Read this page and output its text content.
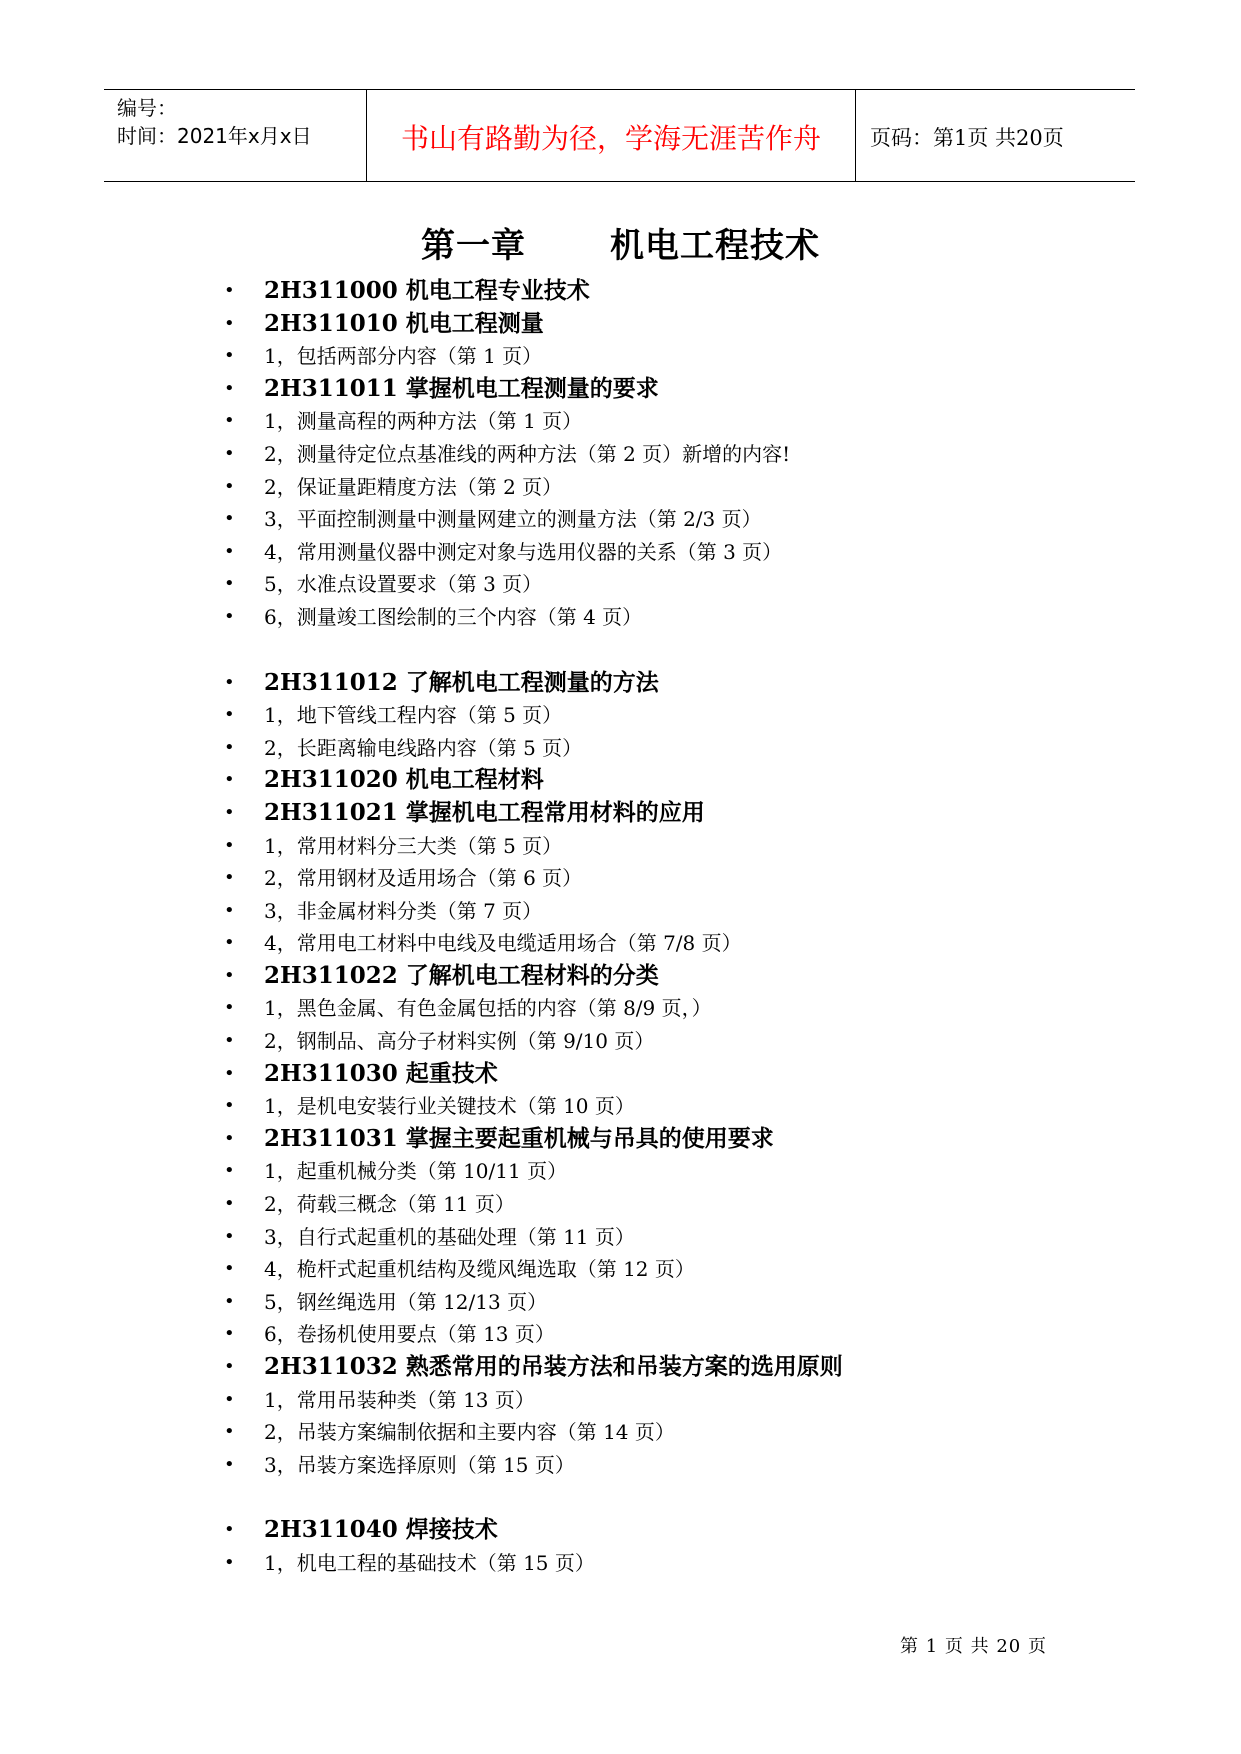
编号：
时间：2021年x月x日	书山有路勤为径，学海无涯苦作舟	页码：第1页 共20页
第一章 机电工程技术
• 2H311000 机电工程专业技术
• 2H311010 机电工程测量
• 1，包括两部分内容（第 1 页）
• 2H311011 掌握机电工程测量的要求
• 1，测量高程的两种方法（第 1 页）
• 2，测量待定位点基准线的两种方法（第 2 页）新增的内容!
• 2，保证量距精度方法（第 2 页）
• 3，平面控制测量中测量网建立的测量方法（第 2/3 页）
• 4，常用测量仪器中测定对象与选用仪器的关系（第 3 页）
• 5，水准点设置要求（第 3 页）
• 6，测量竣工图绘制的三个内容（第 4 页）
• 2H311012 了解机电工程测量的方法
• 1，地下管线工程内容（第 5 页）
• 2，长距离输电线路内容（第 5 页）
• 2H311020 机电工程材料
• 2H311021 掌握机电工程常用材料的应用
• 1，常用材料分三大类（第 5 页）
• 2，常用钢材及适用场合（第 6 页）
• 3，非金属材料分类（第 7 页）
• 4，常用电工材料中电线及电缆适用场合（第 7/8 页）
• 2H311022 了解机电工程材料的分类
• 1，黑色金属、有色金属包括的内容（第 8/9 页，）
• 2，钢制品、高分子材料实例（第 9/10 页）
• 2H311030 起重技术
• 1，是机电安装行业关键技术（第 10 页）
• 2H311031 掌握主要起重机械与吊具的使用要求
• 1，起重机械分类（第 10/11 页）
• 2，荷载三概念（第 11 页）
• 3，自行式起重机的基础处理（第 11 页）
• 4，桅杆式起重机结构及缆风绳选取（第 12 页）
• 5，钢丝绳选用（第 12/13 页）
• 6，卷扬机使用要点（第 13 页）
• 2H311032 熟悉常用的吊装方法和吊装方案的选用原则
• 1，常用吊装种类（第 13 页）
• 2，吊装方案编制依据和主要内容（第 14 页）
• 3，吊装方案选择原则（第 15 页）
• 2H311040 焊接技术
• 1，机电工程的基础技术（第 15 页）
第 1 页 共 20 页
